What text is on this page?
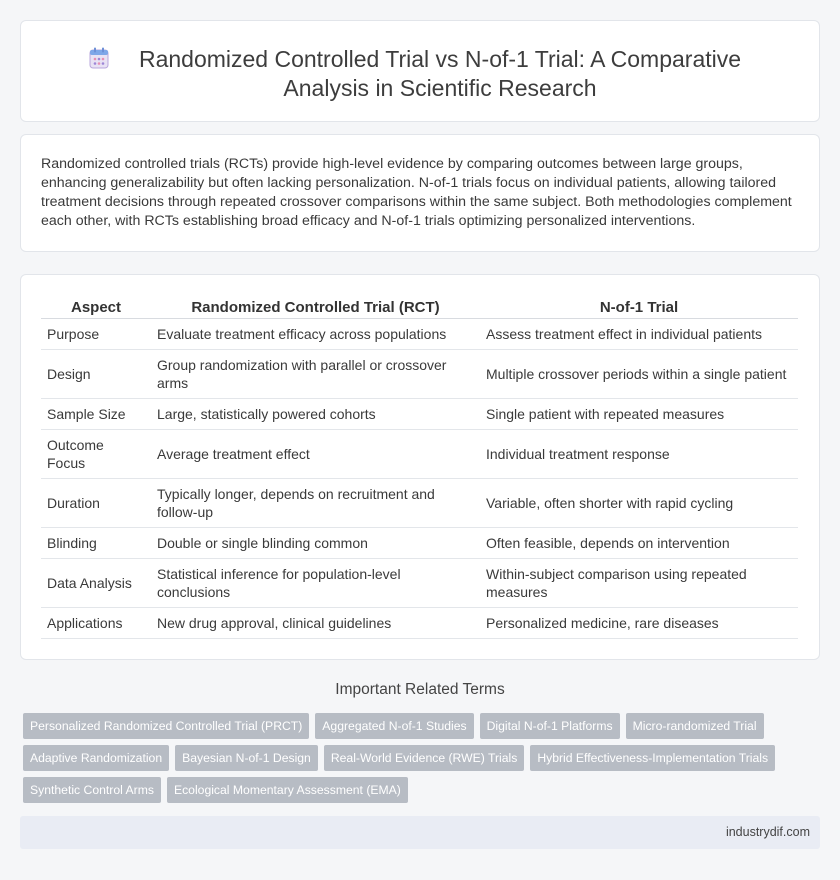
Randomized Controlled Trial vs N-of-1 Trial: A Comparative Analysis in Scientific Research

Randomized controlled trials (RCTs) provide high-level evidence by comparing outcomes between large groups, enhancing generalizability but often lacking personalization. N-of-1 trials focus on individual patients, allowing tailored treatment decisions through repeated crossover comparisons within the same subject. Both methodologies complement each other, with RCTs establishing broad efficacy and N-of-1 trials optimizing personalized interventions.

Aspect	Randomized Controlled Trial (RCT)	N-of-1 Trial
Purpose	Evaluate treatment efficacy across populations	Assess treatment effect in individual patients
Design	Group randomization with parallel or crossover arms	Multiple crossover periods within a single patient
Sample Size	Large, statistically powered cohorts	Single patient with repeated measures
Outcome Focus	Average treatment effect	Individual treatment response
Duration	Typically longer, depends on recruitment and follow-up	Variable, often shorter with rapid cycling
Blinding	Double or single blinding common	Often feasible, depends on intervention
Data Analysis	Statistical inference for population-level conclusions	Within-subject comparison using repeated measures
Applications	New drug approval, clinical guidelines	Personalized medicine, rare diseases
Important Related Terms
Personalized Randomized Controlled Trial (PRCT)	Aggregated N-of-1 Studies	Digital N-of-1 Platforms	Micro-randomized Trial
Adaptive Randomization	Bayesian N-of-1 Design	Real-World Evidence (RWE) Trials	Hybrid Effectiveness-Implementation Trials
Synthetic Control Arms	Ecological Momentary Assessment (EMA)
industrydif.com
